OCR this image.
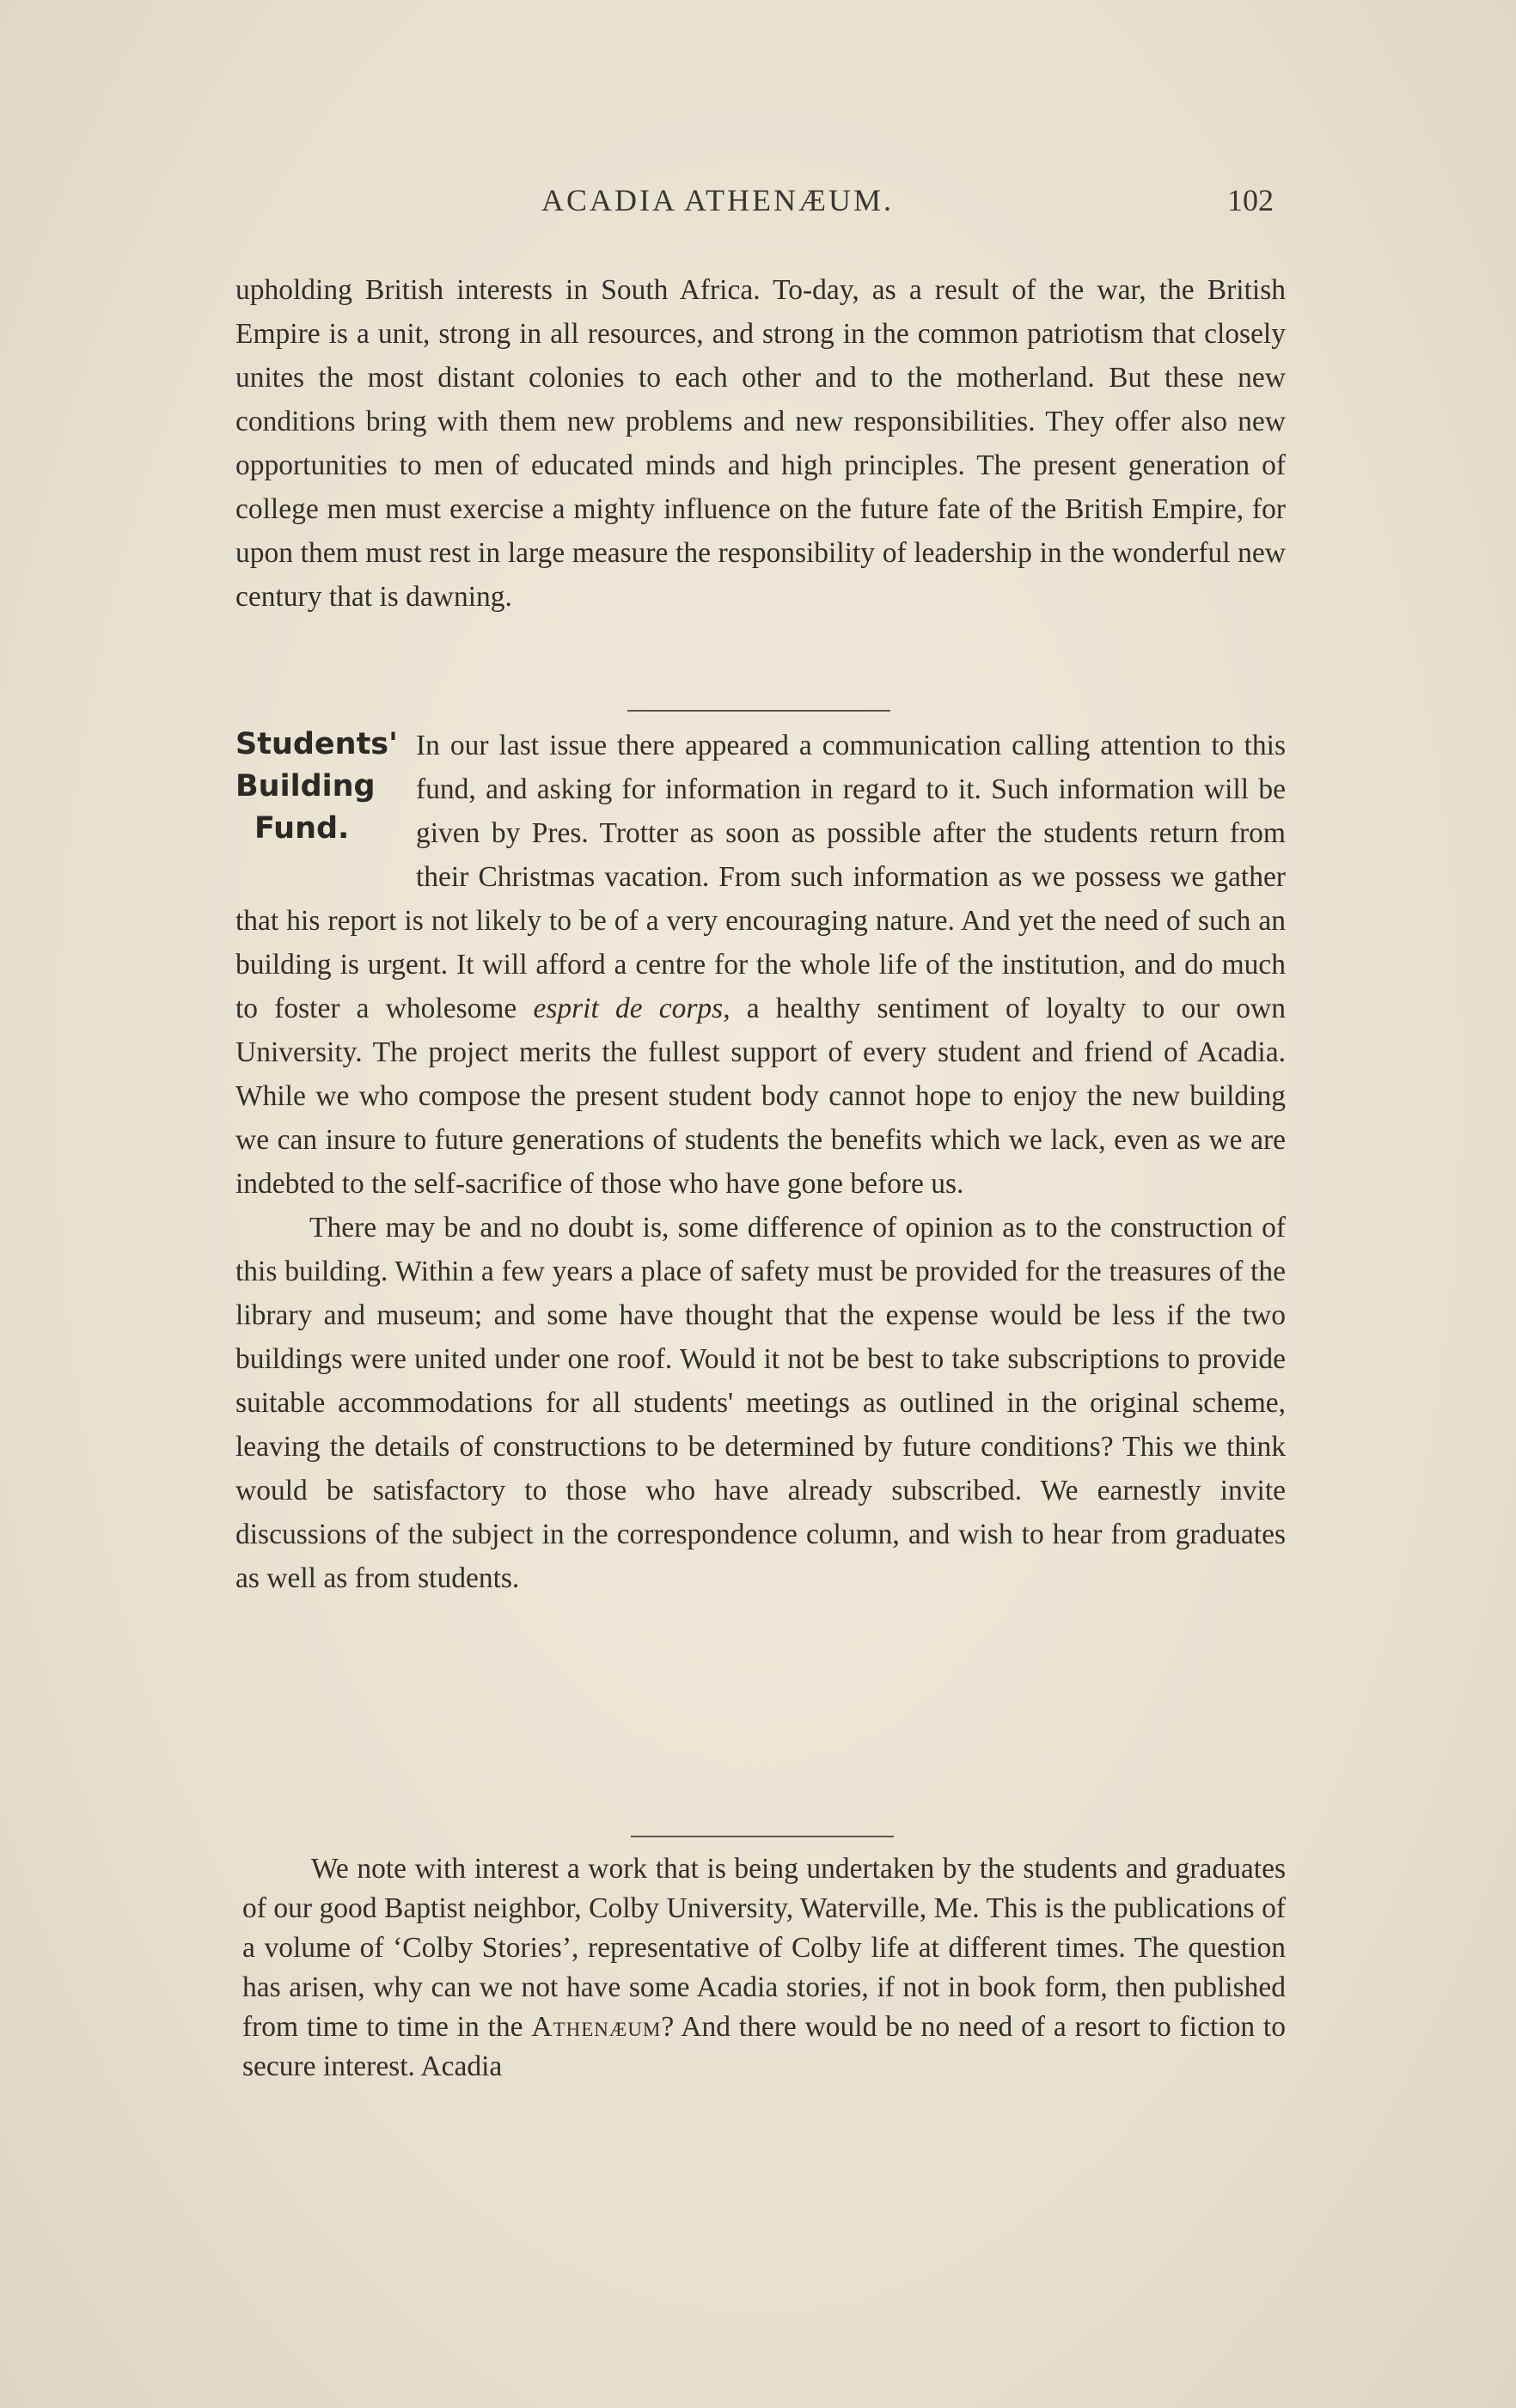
ACADIA ATHENÆUM.	102

upholding British interests in South Africa. To-day, as a result of the war, the British Empire is a unit, strong in all resources, and strong in the common patriotism that closely unites the most distant colonies to each other and to the motherland. But these new conditions bring with them new problems and new responsibilities. They offer also new opportunities to men of educated minds and high principles. The present generation of college men must exercise a mighty influence on the future fate of the British Empire, for upon them must rest in large measure the responsibility of leadership in the wonderful new century that is dawning.

Students'
Building
Fund.

In our last issue there appeared a communication calling attention to this fund, and asking for information in regard to it. Such information will be given by Pres. Trotter as soon as possible after the students return from their Christmas vacation. From such information as we possess we gather that his report is not likely to be of a very encouraging nature. And yet the need of such an building is urgent. It will afford a centre for the whole life of the institution, and do much to foster a wholesome esprit de corps, a healthy sentiment of loyalty to our own University. The project merits the fullest support of every student and friend of Acadia. While we who compose the present student body cannot hope to enjoy the new building we can insure to future generations of students the benefits which we lack, even as we are indebted to the self-sacrifice of those who have gone before us.

There may be and no doubt is, some difference of opinion as to the construction of this building. Within a few years a place of safety must be provided for the treasures of the library and museum; and some have thought that the expense would be less if the two buildings were united under one roof. Would it not be best to take subscriptions to provide suitable accommodations for all students' meetings as outlined in the original scheme, leaving the details of constructions to be determined by future conditions? This we think would be satisfactory to those who have already subscribed. We earnestly invite discussions of the subject in the correspondence column, and wish to hear from graduates as well as from students.

We note with interest a work that is being undertaken by the students and graduates of our good Baptist neighbor, Colby University, Waterville, Me. This is the publications of a volume of ‘Colby Stories’, representative of Colby life at different times. The question has arisen, why can we not have some Acadia stories, if not in book form, then published from time to time in the Athenæum? And there would be no need of a resort to fiction to secure interest. Acadia
